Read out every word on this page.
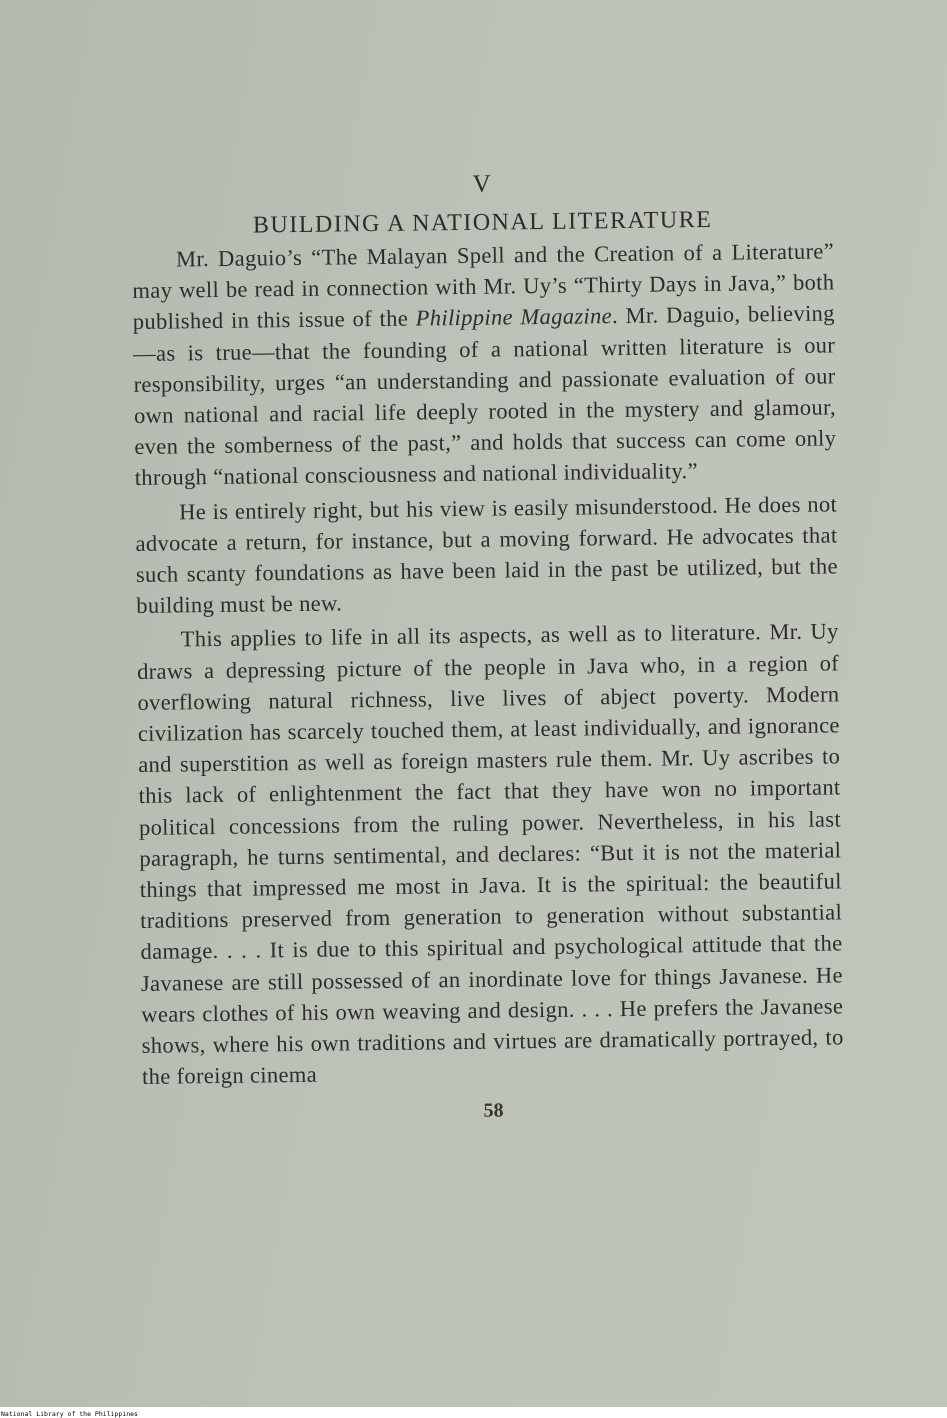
V
BUILDING A NATIONAL LITERATURE

Mr. Daguio’s “The Malayan Spell and the Creation of a Literature” may well be read in connection with Mr. Uy’s “Thirty Days in Java,” both published in this issue of the Philippine Magazine. Mr. Daguio, believing—as is true—that the founding of a national written literature is our responsibility, urges “an understanding and passionate evaluation of our own national and racial life deeply rooted in the mystery and glamour, even the somberness of the past,” and holds that success can come only through “national consciousness and national individuality.”

He is entirely right, but his view is easily misunderstood. He does not advocate a return, for instance, but a moving forward. He advocates that such scanty foundations as have been laid in the past be utilized, but the building must be new.

This applies to life in all its aspects, as well as to literature. Mr. Uy draws a depressing picture of the people in Java who, in a region of overflowing natural richness, live lives of abject poverty. Modern civilization has scarcely touched them, at least individually, and ignorance and superstition as well as foreign masters rule them. Mr. Uy ascribes to this lack of enlightenment the fact that they have won no important political concessions from the ruling power. Nevertheless, in his last paragraph, he turns sentimental, and declares: “But it is not the material things that impressed me most in Java. It is the spiritual: the beautiful traditions preserved from generation to generation without substantial damage. . . . It is due to this spiritual and psychological attitude that the Javanese are still possessed of an inordinate love for things Javanese. He wears clothes of his own weaving and design. . . . He prefers the Javanese shows, where his own traditions and virtues are dramatically portrayed, to the foreign cinema

58
National Library of the Philippines
